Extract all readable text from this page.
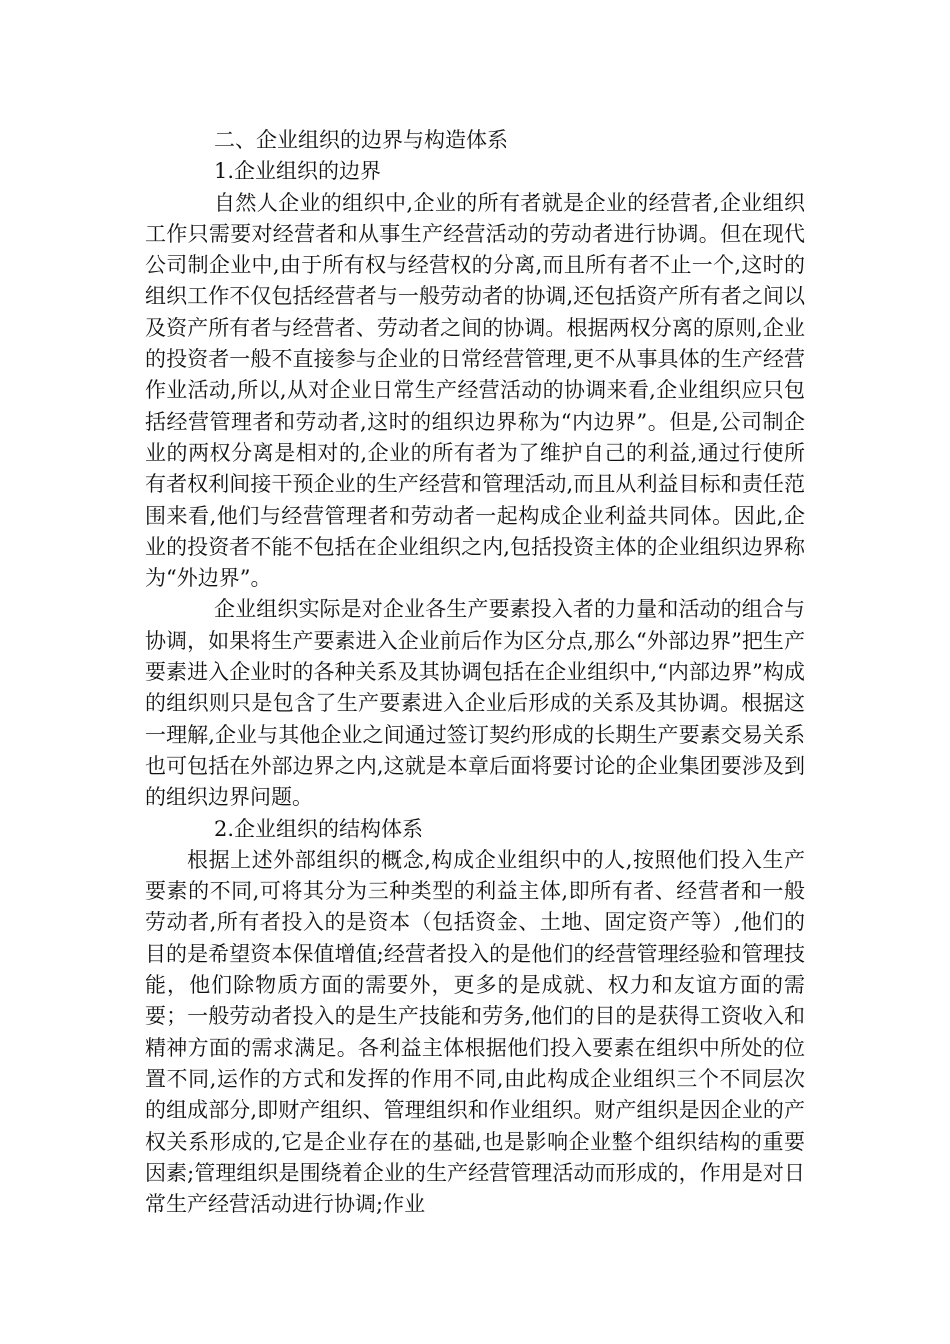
二、企业组织的边界与构造体系

1.企业组织的边界

自然人企业的组织中,企业的所有者就是企业的经营者,企业组织工作只需要对经营者和从事生产经营活动的劳动者进行协调。但在现代公司制企业中,由于所有权与经营权的分离,而且所有者不止一个,这时的组织工作不仅包括经营者与一般劳动者的协调,还包括资产所有者之间以及资产所有者与经营者、劳动者之间的协调。根据两权分离的原则,企业的投资者一般不直接参与企业的日常经营管理,更不从事具体的生产经营作业活动,所以,从对企业日常生产经营活动的协调来看,企业组织应只包括经营管理者和劳动者,这时的组织边界称为“内边界”。但是,公司制企业的两权分离是相对的,企业的所有者为了维护自己的利益,通过行使所有者权利间接干预企业的生产经营和管理活动,而且从利益目标和责任范围来看,他们与经营管理者和劳动者一起构成企业利益共同体。因此,企业的投资者不能不包括在企业组织之内,包括投资主体的企业组织边界称为“外边界”。

企业组织实际是对企业各生产要素投入者的力量和活动的组合与协调，如果将生产要素进入企业前后作为区分点,那么“外部边界”把生产要素进入企业时的各种关系及其协调包括在企业组织中,“内部边界”构成的组织则只是包含了生产要素进入企业后形成的关系及其协调。根据这一理解,企业与其他企业之间通过签订契约形成的长期生产要素交易关系也可包括在外部边界之内,这就是本章后面将要讨论的企业集团要涉及到的组织边界问题。

2.企业组织的结构体系

根据上述外部组织的概念,构成企业组织中的人,按照他们投入生产要素的不同,可将其分为三种类型的利益主体,即所有者、经营者和一般劳动者,所有者投入的是资本（包括资金、土地、固定资产等）,他们的目的是希望资本保值增值;经营者投入的是他们的经营管理经验和管理技能，他们除物质方面的需要外，更多的是成就、权力和友谊方面的需要；一般劳动者投入的是生产技能和劳务,他们的目的是获得工资收入和精神方面的需求满足。各利益主体根据他们投入要素在组织中所处的位置不同,运作的方式和发挥的作用不同,由此构成企业组织三个不同层次的组成部分,即财产组织、管理组织和作业组织。财产组织是因企业的产权关系形成的,它是企业存在的基础,也是影响企业整个组织结构的重要因素;管理组织是围绕着企业的生产经营管理活动而形成的，作用是对日常生产经营活动进行协调;作业
